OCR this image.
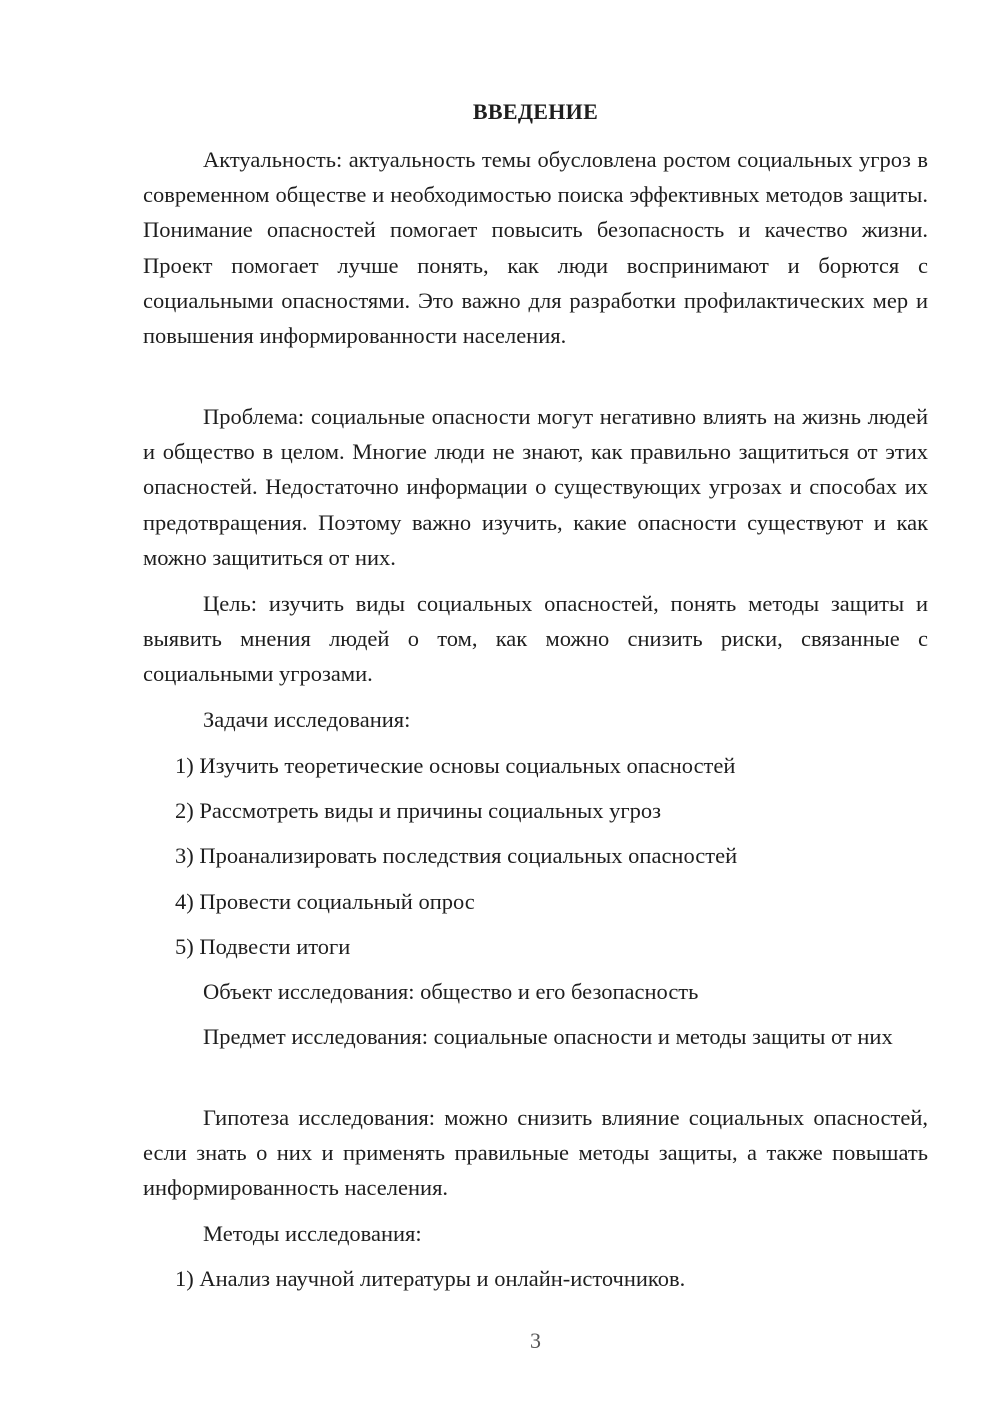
ВВЕДЕНИЕ

Актуальность: актуальность темы обусловлена ростом социальных угроз в современном обществе и необходимостью поиска эффективных методов защиты. Понимание опасностей помогает повысить безопасность и качество жизни. Проект помогает лучше понять, как люди воспринимают и борются с социальными опасностями. Это важно для разработки профилактических мер и повышения информированности населения.

Проблема: социальные опасности могут негативно влиять на жизнь людей и общество в целом. Многие люди не знают, как правильно защититься от этих опасностей. Недостаточно информации о существующих угрозах и способах их предотвращения. Поэтому важно изучить, какие опасности существуют и как можно защититься от них.

Цель: изучить виды социальных опасностей, понять методы защиты и выявить мнения людей о том, как можно снизить риски, связанные с социальными угрозами.

Задачи исследования:

1) Изучить теоретические основы социальных опасностей

2) Рассмотреть виды и причины социальных угроз

3) Проанализировать последствия социальных опасностей

4) Провести социальный опрос

5) Подвести итоги

Объект исследования: общество и его безопасность

Предмет исследования: социальные опасности и методы защиты от них

Гипотеза исследования: можно снизить влияние социальных опасностей, если знать о них и применять правильные методы защиты, а также повышать информированность населения.

Методы исследования:

1) Анализ научной литературы и онлайн-источников.

3
